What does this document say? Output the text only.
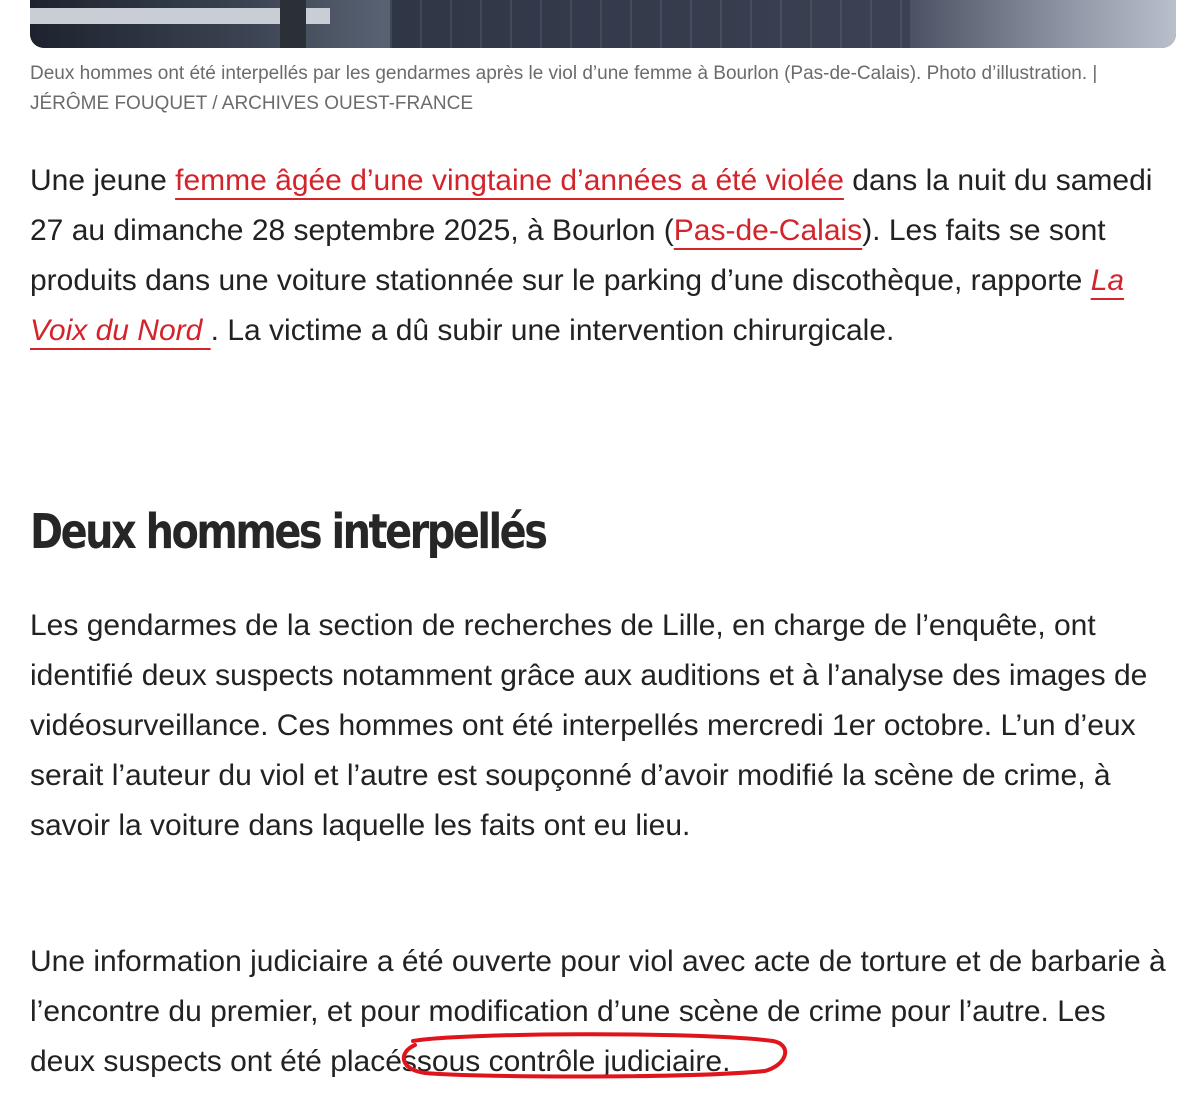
Deux hommes ont été interpellés par les gendarmes après le viol d’une femme à Bourlon (Pas-de-Calais). Photo d’illustration. | JÉRÔME FOUQUET / ARCHIVES OUEST-FRANCE

Une jeune femme âgée d’une vingtaine d’années a été violée dans la nuit du samedi 27 au dimanche 28 septembre 2025, à Bourlon (Pas-de-Calais). Les faits se sont produits dans une voiture stationnée sur le parking d’une discothèque, rapporte La Voix du Nord . La victime a dû subir une intervention chirurgicale.

Deux hommes interpellés

Les gendarmes de la section de recherches de Lille, en charge de l’enquête, ont identifié deux suspects notamment grâce aux auditions et à l’analyse des images de vidéosurveillance. Ces hommes ont été interpellés mercredi 1er octobre. L’un d’eux serait l’auteur du viol et l’autre est soupçonné d’avoir modifié la scène de crime, à savoir la voiture dans laquelle les faits ont eu lieu.

Une information judiciaire a été ouverte pour viol avec acte de torture et de barbarie à l’encontre du premier, et pour modification d’une scène de crime pour l’autre. Les deux suspects ont été placéssous contrôle judiciaire.
